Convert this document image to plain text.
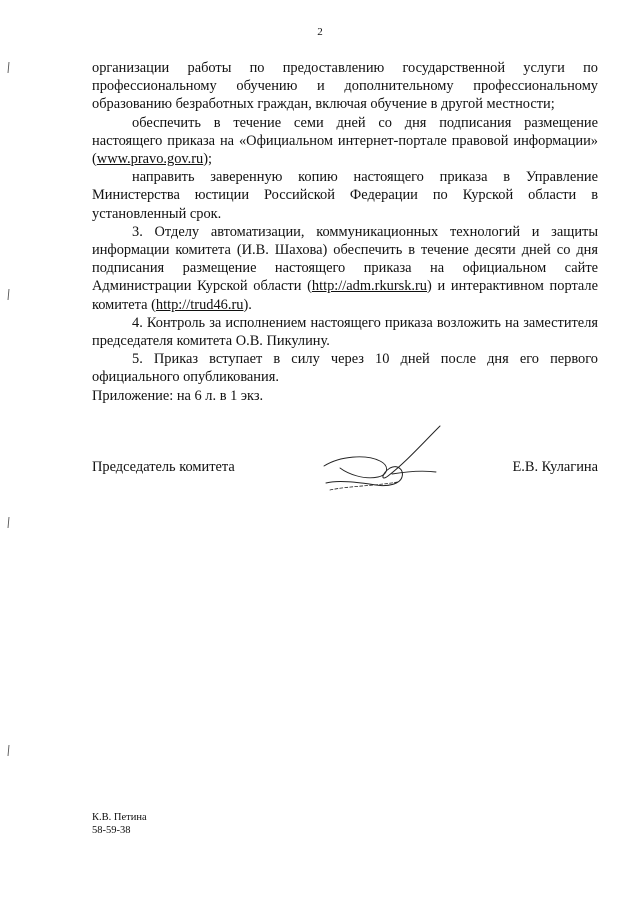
2

организации работы по предоставлению государственной услуги по профессиональному обучению и дополнительному профессиональному образованию безработных граждан, включая обучение в другой местности;

обеспечить в течение семи дней со дня подписания размещение настоящего приказа на «Официальном интернет-портале правовой информации» (www.pravo.gov.ru);

направить заверенную копию настоящего приказа в Управление Министерства юстиции Российской Федерации по Курской области в установленный срок.

3. Отделу автоматизации, коммуникационных технологий и защиты информации комитета (И.В. Шахова) обеспечить в течение десяти дней со дня подписания размещение настоящего приказа на официальном сайте Администрации Курской области (http://adm.rkursk.ru) и интерактивном портале комитета (http://trud46.ru).

4. Контроль за исполнением настоящего приказа возложить на заместителя председателя комитета О.В. Пикулину.

5. Приказ вступает в силу через 10 дней после дня его первого официального опубликования.

Приложение: на 6 л. в 1 экз.
Председатель комитета	Е.В. Кулагина
К.В. Петина
58-59-38
